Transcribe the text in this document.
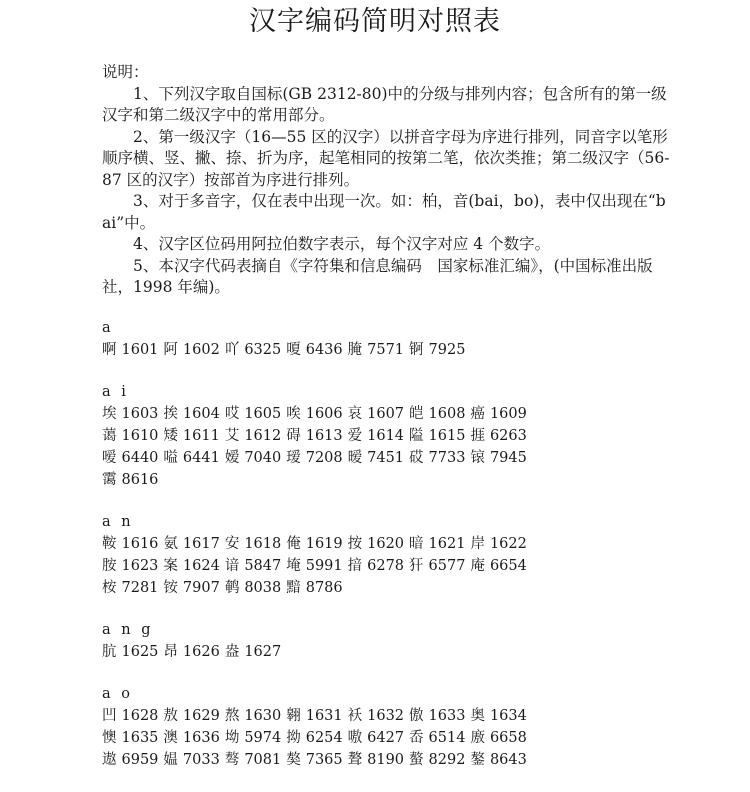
汉字编码简明对照表
说明：

1、下列汉字取自国标(GB 2312-80)中的分级与排列内容；包含所有的第一级汉字和第二级汉字中的常用部分。

2、第一级汉字（16—55 区的汉字）以拼音字母为序进行排列，同音字以笔形顺序横、竖、撇、捺、折为序，起笔相同的按第二笔，依次类推；第二级汉字（56-87 区的汉字）按部首为序进行排列。

3、对于多音字，仅在表中出现一次。如：柏，音(bai，bo)，表中仅出现在“bai”中。

4、汉字区位码用阿拉伯数字表示，每个汉字对应 4 个数字。

5、本汉字代码表摘自《字符集和信息编码　国家标准汇编》，(中国标准出版社，1998 年编)。

a
啊 1601 阿 1602 吖 6325 嗄 6436 腌 7571 锕 7925
a i
埃 1603 挨 1604 哎 1605 唉 1606 哀 1607 皑 1608 癌 1609
蔼 1610 矮 1611 艾 1612 碍 1613 爱 1614 隘 1615 捱 6263
嗳 6440 嗌 6441 嫒 7040 瑷 7208 暧 7451 砹 7733 锿 7945
霭 8616
a n
鞍 1616 氨 1617 安 1618 俺 1619 按 1620 暗 1621 岸 1622
胺 1623 案 1624 谙 5847 埯 5991 揞 6278 犴 6577 庵 6654
桉 7281 铵 7907 鹌 8038 黯 8786
a n g
肮 1625 昂 1626 盎 1627
a o
凹 1628 敖 1629 熬 1630 翱 1631 袄 1632 傲 1633 奥 1634
懊 1635 澳 1636 坳 5974 拗 6254 嗷 6427 岙 6514 廒 6658
遨 6959 媪 7033 骜 7081 獒 7365 聱 8190 螯 8292 鏊 8643
